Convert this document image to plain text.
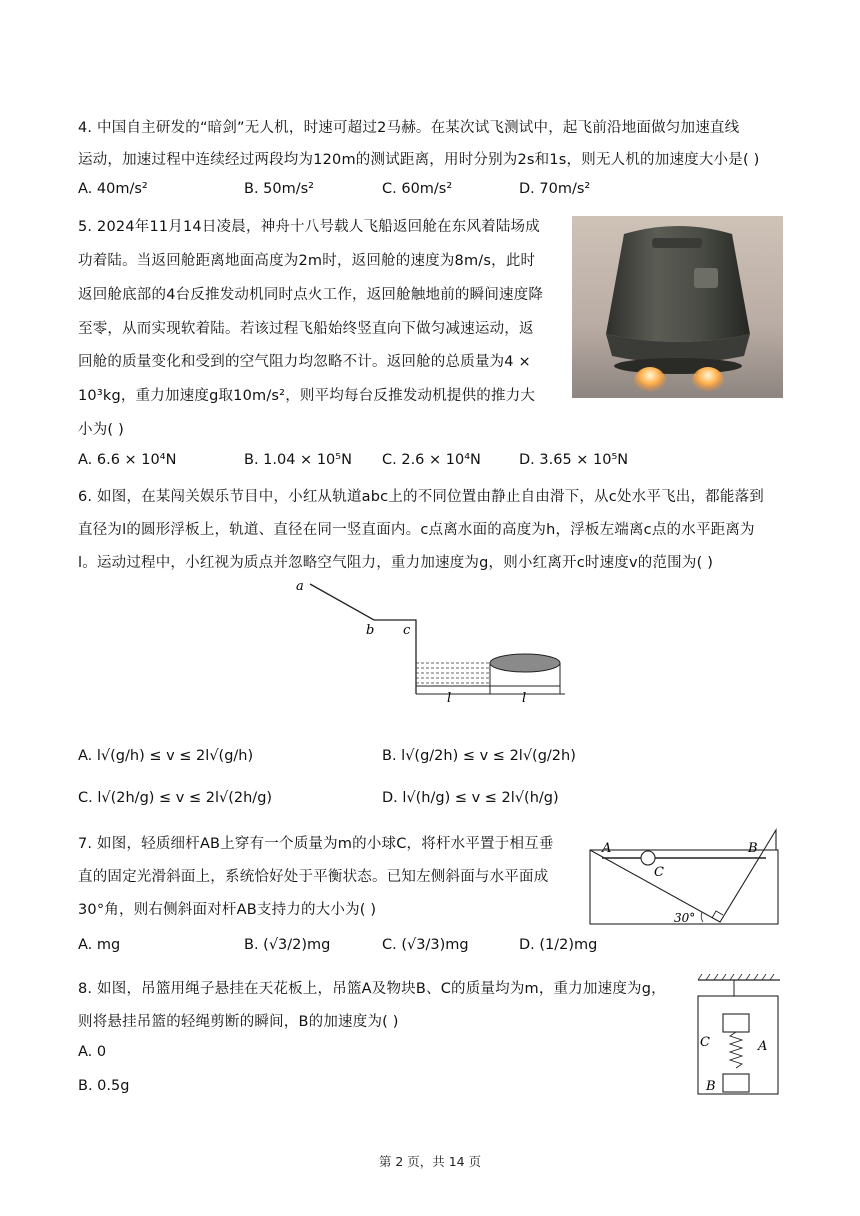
4. 中国自主研发的“暗剑”无人机，时速可超过2马赫。在某次试飞测试中，起飞前沿地面做匀加速直线
运动，加速过程中连续经过两段均为120m的测试距离，用时分别为2s和1s，则无人机的加速度大小是( )
A. 40m/s²	B. 50m/s²	C. 60m/s²	D. 70m/s²
5. 2024年11月14日凌晨，神舟十八号载人飞船返回舱在东风着陆场成
功着陆。当返回舱距离地面高度为2m时，返回舱的速度为8m/s，此时
返回舱底部的4台反推发动机同时点火工作，返回舱触地前的瞬间速度降
至零，从而实现软着陆。若该过程飞船始终竖直向下做匀减速运动，返
回舱的质量变化和受到的空气阻力均忽略不计。返回舱的总质量为4 ×
10³kg，重力加速度g取10m/s²，则平均每台反推发动机提供的推力大
小为( )
A. 6.6 × 10⁴N	B. 1.04 × 10⁵N C. 2.6 × 10⁴N	D. 3.65 × 10⁵N
6. 如图，在某闯关娱乐节目中，小红从轨道abc上的不同位置由静止自由滑下，从c处水平飞出，都能落到
直径为l的圆形浮板上，轨道、直径在同一竖直面内。c点离水面的高度为h，浮板左端离c点的水平距离为
l。运动过程中，小红视为质点并忽略空气阻力，重力加速度为g，则小红离开c时速度v的范围为( )
a
b c
l	l
A. l√(g/h) ≤ v ≤ 2l√(g/h)	B. l√(g/2h) ≤ v ≤ 2l√(g/2h)
C. l√(2h/g) ≤ v ≤ 2l√(2h/g)	D. l√(h/g) ≤ v ≤ 2l√(h/g)
7. 如图，轻质细杆AB上穿有一个质量为m的小球C，将杆水平置于相互垂
直的固定光滑斜面上，系统恰好处于平衡状态。已知左侧斜面与水平面成
30°角，则右侧斜面对杆AB支持力的大小为( )
A	B
C
30°
A. mg	B. (√3/2)mg	C. (√3/3)mg	D. (1/2)mg
8. 如图，吊篮用绳子悬挂在天花板上，吊篮A及物块B、C的质量均为m，重力加速度为g，
则将悬挂吊篮的轻绳剪断的瞬间，B的加速度为( )
A. 0
B. 0.5g
C	A
B
第 2 页，共 14 页
